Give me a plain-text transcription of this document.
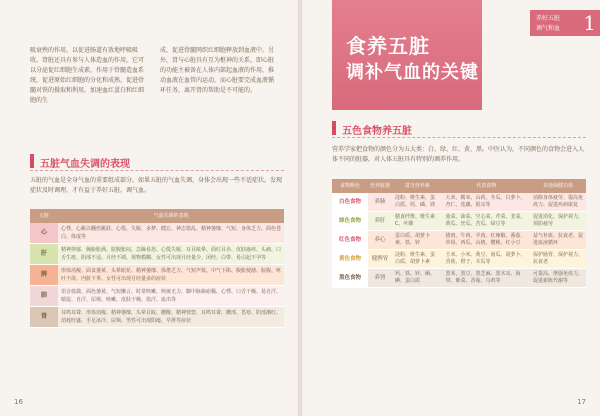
吸衰殃的作用，以促进肠道有效地呼吸吸收。肾脏还具有参与人体造血的作用，它可以分泌促红细胞生成素，作用于骨髓造血系统，促进原始红细胞的分化和成熟，促进骨髓对铁的摄取和利用，加速血红蛋白和红细胞的生
成，促进骨髓网织红细胞释放到血液中。另外，肾与心脏具有互为枢神的关系，即心脏的功能主被备在人体内部起血液的作用，推动血液在血管内运动，而心脏要完成血液循环任务，离开肾的帮助是不可能的。
五脏气血失调的表现
五脏的气血是全身气血的重要组成部分。如果五脏的气血失调，身体会出现一些不适症状。发现症状及时调理，才有益于养好五脏，调气血。
五脏	气血失调的表现
心	心悸、心跳以翻倍跳跃、心慌、失眠、多梦、健忘、神志错乱、精神萎靡、气短、身体乏力、面色苍白、体虚等
肝	精神抑郁、胸胁胀满、脘腹胀闷、急躁易怒、心慌失眠、耳目眩晕、面红目赤、皮肤瘙痒、头痛、口舌生疮、阴部不适、月经不调、视物模糊、女性可出现月经量少、闭经、白带、易引起不孕等
脾	形体消瘦、面食萎黄、头晕眼花、精神萎靡、体倦乏力、气短声低、中气下陷、腹胀便溏、脘腹、呕吐不欲、内脏下垂、女性可出现月经量多的症状
肺	语音低微、面色萎黄、气短懒言、时常咳嗽、咳痰无力、脚中脉絡瘀稀、心悸、口舌干燥、易自汗、喘促、自汗、尿频、咳嗽、皮肤干燥、盗汗、血出等
肾	耳鸣耳聋、形体消瘦、精神萎靡、头晕目眩、腰酸、精神恍惚、耳鸣耳聋、腰部、畏寒、阴部潮红、消耗旺盛、手足冰冷、尿频、男性可出现阳痿、早泄等症状
16
食养五脏
调补气血的关键
养好五脏
调气和血 1
五色食物养五脏
营养学家把食物的颜色分为五大类：白、绿、红、黄、黑。中医认为，不同颜色的食物会进入人体不同的脏器，对人体五脏具有特别的调养作用。
食物颜色	营养脏器	富含营养素	代表食物	其他保健功效
白色食物	养肺	淀粉、维生素、蛋白质、钙、磷、镁	大米、糯米、山药、冬瓜、白萝卜、杏仁、莲藕、银耳等	消除身体疲劳、提高免疫力、促进疾病康复
绿色食物	养肝	膳食纤维、维生素C、叶酸	菠菜、油菜、空心菜、芹菜、韭菜、黄瓜、丝瓜、苦瓜、绿豆等	促进消化、保护视力、预防疲劳
红色食物	养心	蛋白质、胡萝卜素、铁、锌	猪肉、牛肉、羊肉、红辣椒、番茄、草莓、西瓜、山楂、樱桃、红小豆	益气补血、抗衰老、促进血液循环
黄色食物	健脾胃	淀粉、维生素、蛋白质、胡萝卜素	玉米、小米、黄豆、南瓜、胡萝卜、香蕉、橙子、木瓜等	保护肠胃、保护视力、抗衰老
黑色食物	养肾	钙、铁、锌、硒、碘、蛋白质	黑米、黑豆、黑芝麻、黑木耳、海带、紫菜、香菇、乌鸡等	可提高、增强免疫力、促进新陈代谢等
17
